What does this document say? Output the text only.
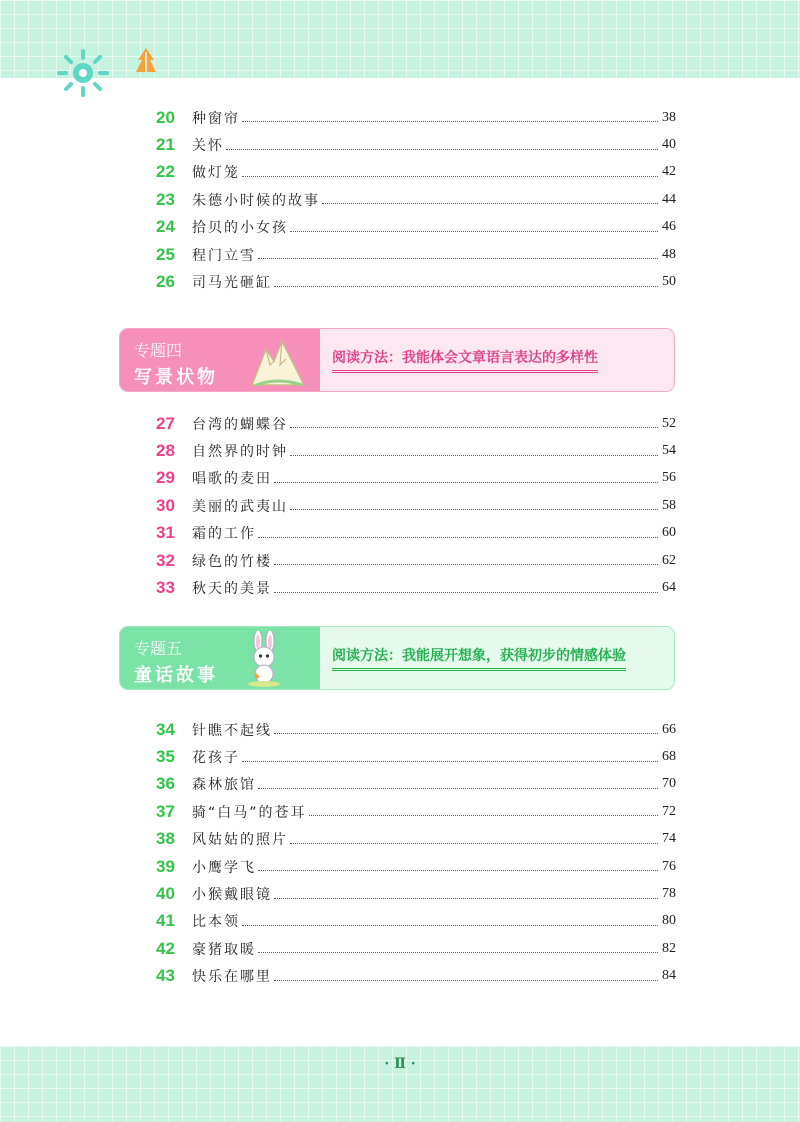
20	种窗帘	38
21	关怀	40
22	做灯笼	42
23	朱德小时候的故事	44
24	拾贝的小女孩	46
25	程门立雪	48
26	司马光砸缸	50
专题四
写景状物
阅读方法：我能体会文章语言表达的多样性
27	台湾的蝴蝶谷	52
28	自然界的时钟	54
29	唱歌的麦田	56
30	美丽的武夷山	58
31	霜的工作	60
32	绿色的竹楼	62
33	秋天的美景	64
专题五
童话故事
阅读方法：我能展开想象，获得初步的情感体验
34	针瞧不起线	66
35	花孩子	68
36	森林旅馆	70
37	骑“白马”的苍耳	72
38	风姑姑的照片	74
39	小鹰学飞	76
40	小猴戴眼镜	78
41	比本领	80
42	豪猪取暖	82
43	快乐在哪里	84
· Ⅱ ·
